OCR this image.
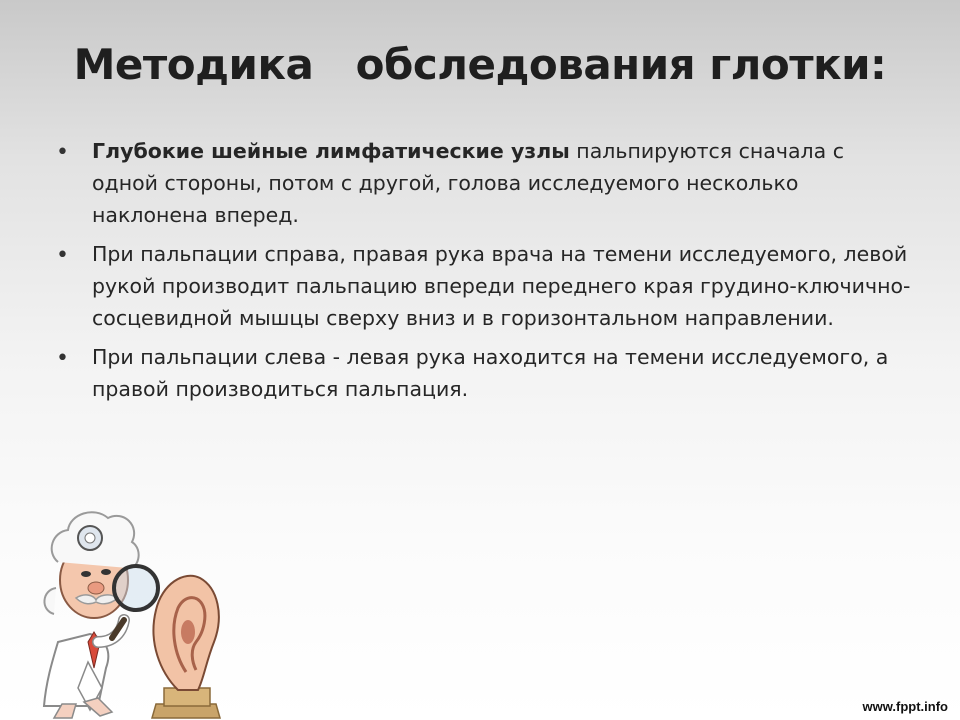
Методика   обследования глотки:
• Глубокие шейные лимфатические узлы пальпируются сначала с одной стороны, потом с другой, голова исследуемого несколько наклонена вперед.
• При пальпации справа, правая рука врача на темени исследуемого, левой рукой производит пальпацию впереди переднего края грудино-ключично-сосцевидной мышцы сверху вниз и в горизонтальном направлении.
• При пальпации слева - левая рука находится на темени исследуемого, а правой производиться пальпация.
www.fppt.info
